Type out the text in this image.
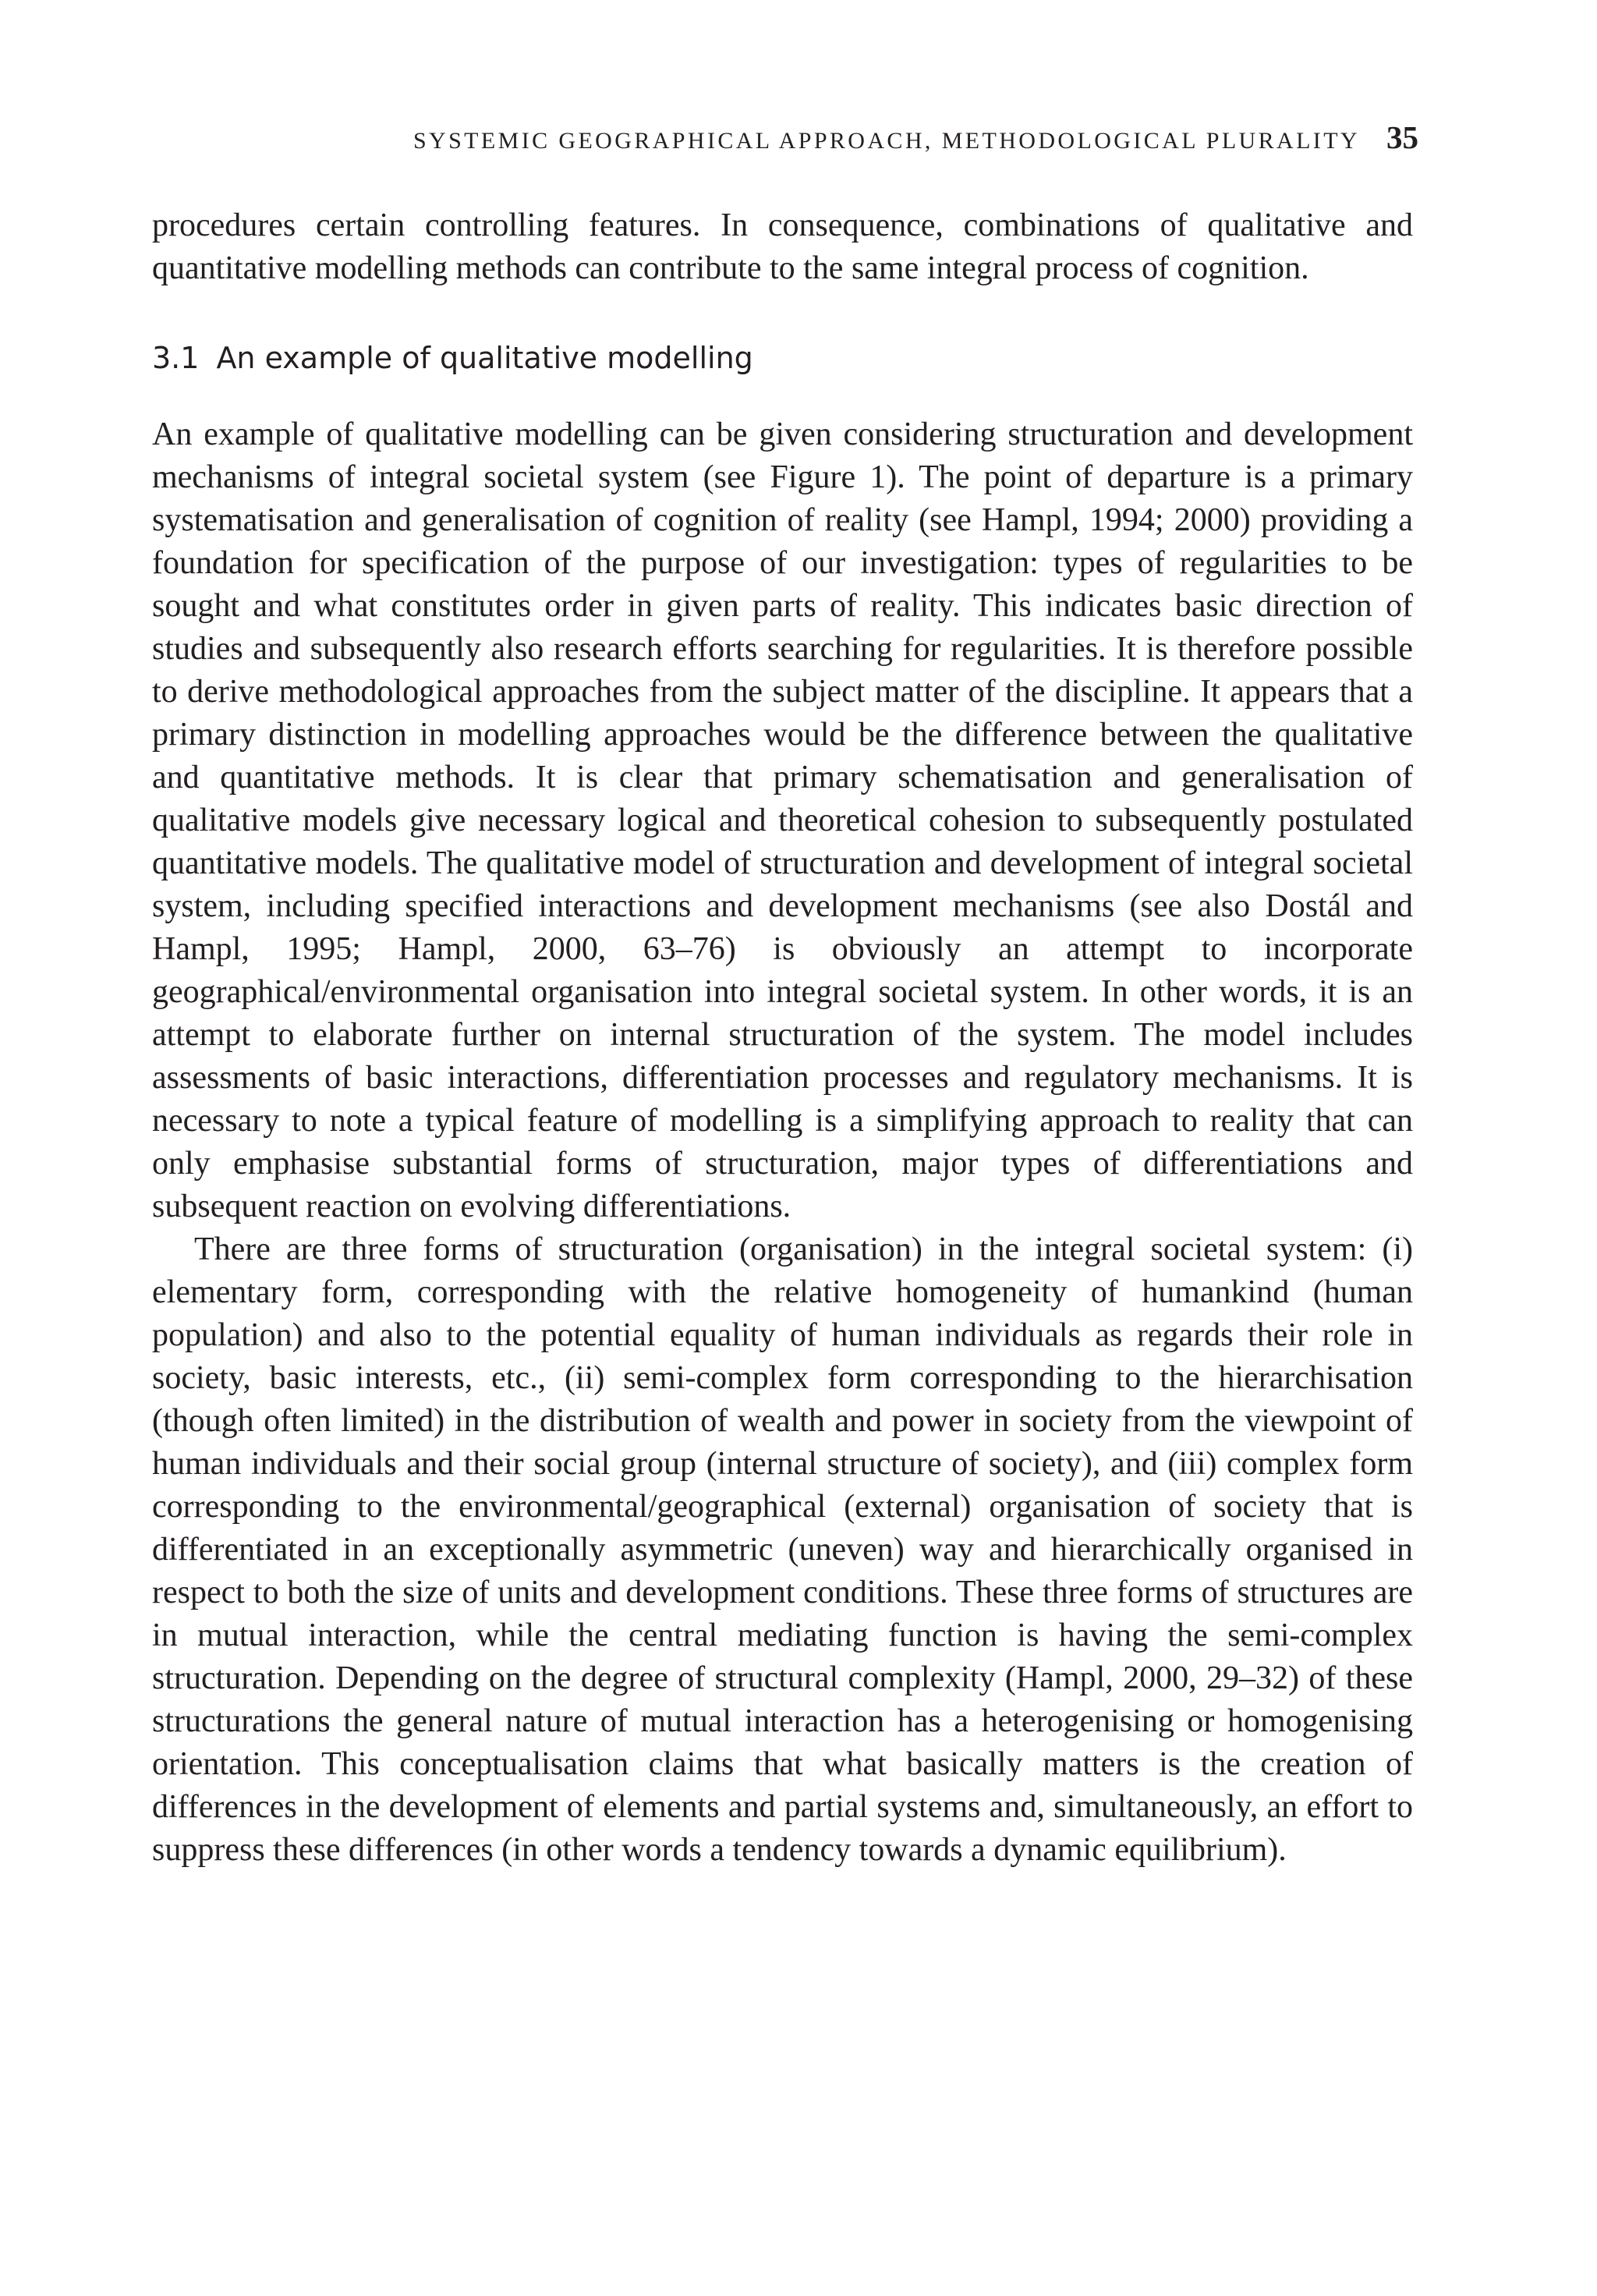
SYSTEMIC GEOGRAPHICAL APPROACH, METHODOLOGICAL PLURALITY 35

procedures certain controlling features. In consequence, combinations of qualitative and quantitative modelling methods can contribute to the same integral process of cognition.

3.1 An example of qualitative modelling

An example of qualitative modelling can be given considering structuration and development mechanisms of integral societal system (see Figure 1). The point of departure is a primary systematisation and generalisation of cognition of reality (see Hampl, 1994; 2000) providing a foundation for specification of the purpose of our investigation: types of regularities to be sought and what constitutes order in given parts of reality. This indicates basic direction of studies and subsequently also research efforts searching for regularities. It is therefore possible to derive methodological approaches from the subject matter of the discipline. It appears that a primary distinction in modelling approaches would be the difference between the qualitative and quantitative methods. It is clear that primary schematisation and generalisation of qualitative models give necessary logical and theoretical cohesion to subsequently postulated quantitative models. The qualitative model of structuration and development of integral societal system, including specified interactions and development mechanisms (see also Dostál and Hampl, 1995; Hampl, 2000, 63–76) is obviously an attempt to incorporate geographical/environmental organisation into integral societal system. In other words, it is an attempt to elaborate further on internal structuration of the system. The model includes assessments of basic interactions, differentiation processes and regulatory mechanisms. It is necessary to note a typical feature of modelling is a simplifying approach to reality that can only emphasise substantial forms of structuration, major types of differentiations and subsequent reaction on evolving differentiations.

There are three forms of structuration (organisation) in the integral societal system: (i) elementary form, corresponding with the relative homogeneity of humankind (human population) and also to the potential equality of human individuals as regards their role in society, basic interests, etc., (ii) semi-complex form corresponding to the hierarchisation (though often limited) in the distribution of wealth and power in society from the viewpoint of human individuals and their social group (internal structure of society), and (iii) complex form corresponding to the environmental/geographical (external) organisation of society that is differentiated in an exceptionally asymmetric (uneven) way and hierarchically organised in respect to both the size of units and development conditions. These three forms of structures are in mutual interaction, while the central mediating function is having the semi-complex structuration. Depending on the degree of structural complexity (Hampl, 2000, 29–32) of these structurations the general nature of mutual interaction has a heterogenising or homogenising orientation. This conceptualisation claims that what basically matters is the creation of differences in the development of elements and partial systems and, simultaneously, an effort to suppress these differences (in other words a tendency towards a dynamic equilibrium).
